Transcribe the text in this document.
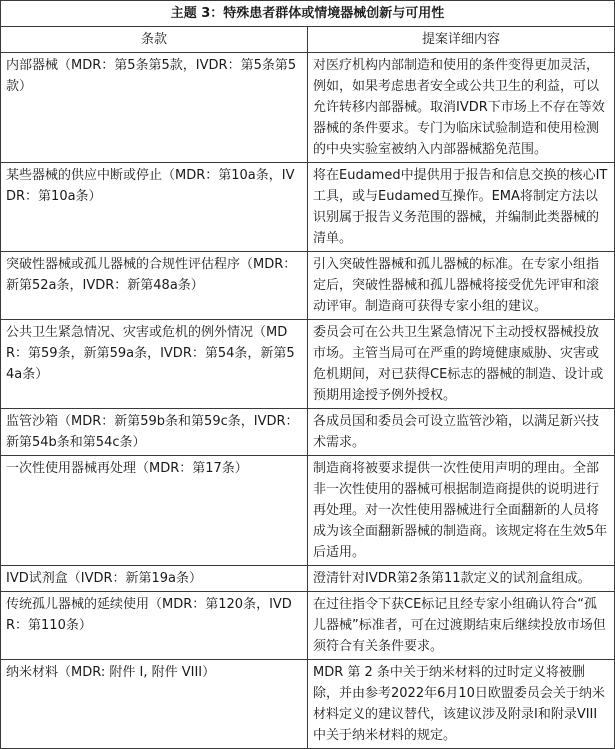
主题 3：特殊患者群体或情境器械创新与可用性	
条款	提案详细内容
内部器械（MDR：第5条第5款，IVDR：第5条第5款）	对医疗机构内部制造和使用的条件变得更加灵活，例如，如果考虑患者安全或公共卫生的利益，可以允许转移内部器械。取消IVDR下市场上不存在等效器械的条件要求。专门为临床试验制造和使用检测的中央实验室被纳入内部器械豁免范围。
某些器械的供应中断或停止（MDR：第10a条，IVDR：第10a条）	将在Eudamed中提供用于报告和信息交换的核心IT工具，或与Eudamed互操作。EMA将制定方法以识别属于报告义务范围的器械，并编制此类器械的清单。
突破性器械或孤儿器械的合规性评估程序（MDR：新第52a条，IVDR：新第48a条）	引入突破性器械和孤儿器械的标准。在专家小组指定后，突破性器械和孤儿器械将接受优先评审和滚动评审。制造商可获得专家小组的建议。
公共卫生紧急情况、灾害或危机的例外情况（MDR：第59条，新第59a条，IVDR：第54条，新第54a条）	委员会可在公共卫生紧急情况下主动授权器械投放市场。主管当局可在严重的跨境健康威胁、灾害或危机期间，对已获得CE标志的器械的制造、设计或预期用途授予例外授权。
监管沙箱（MDR：新第59b条和第59c条，IVDR：新第54b条和第54c条）	各成员国和委员会可设立监管沙箱，以满足新兴技术需求。
一次性使用器械再处理（MDR：第17条）	制造商将被要求提供一次性使用声明的理由。全部非一次性使用的器械可根据制造商提供的说明进行再处理。对一次性使用器械进行全面翻新的人员将成为该全面翻新器械的制造商。该规定将在生效5年后适用。
IVD试剂盒（IVDR：新第19a条）	澄清针对IVDR第2条第11款定义的试剂盒组成。
传统孤儿器械的延续使用（MDR：第120条，IVDR：第110条）	在过往指令下获CE标记且经专家小组确认符合“孤儿器械”标准者，可在过渡期结束后继续投放市场但须符合有关条件要求。
纳米材料（MDR: 附件 I, 附件 VIII）	MDR 第 2 条中关于纳米材料的过时定义将被删除，并由参考2022年6月10日欧盟委员会关于纳米材料定义的建议替代，该建议涉及附录I和附录VIII中关于纳米材料的规定。
